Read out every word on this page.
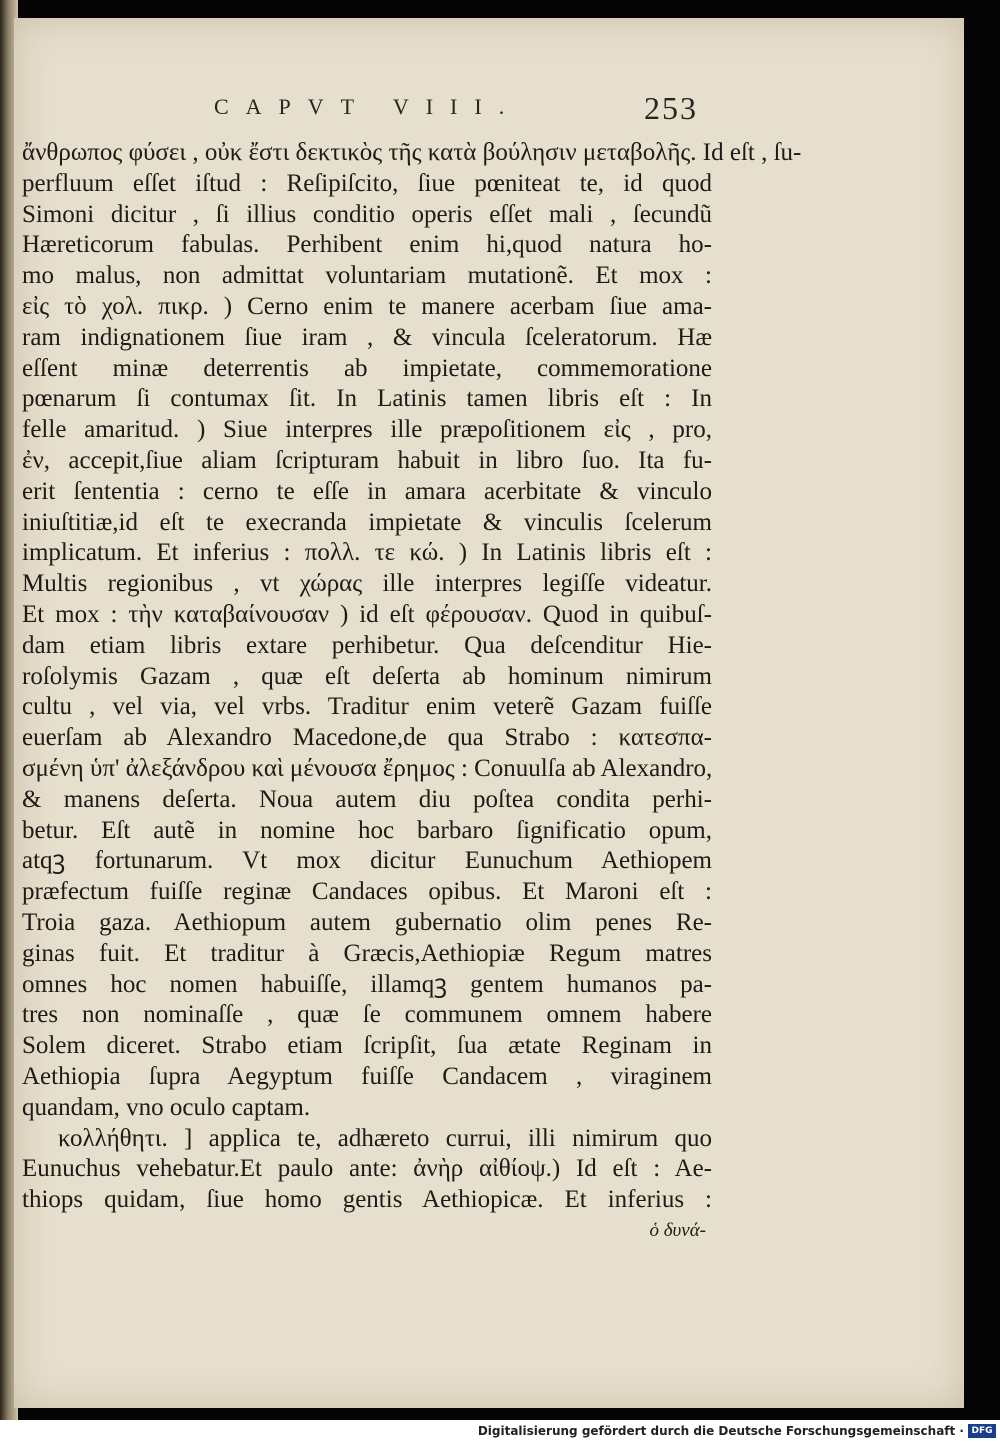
CAPVT VIII.	253
ἄνθρωπος φύσει , οὐκ ἔστι δεκτικὸς τῆς κατὰ βούλησιν μεταβολῆς. Id eſt , ſu-
perfluum eſſet iſtud : Reſipiſcito, ſiue pœniteat te, id quod
Simoni dicitur , ſi illius conditio operis eſſet mali , ſecundũ
Hæreticorum fabulas. Perhibent enim hi,quod natura ho-
mo malus, non admittat voluntariam mutationẽ. Et mox :
εἰς τὸ χολ. πικρ. ) Cerno enim te manere acerbam ſiue ama-
ram indignationem ſiue iram , & vincula ſceleratorum. Hæ
eſſent minæ deterrentis ab impietate, commemoratione
pœnarum ſi contumax ſit. In Latinis tamen libris eſt : In
felle amaritud. ) Siue interpres ille præpoſitionem εἰς , pro,
ἐν, accepit,ſiue aliam ſcripturam habuit in libro ſuo. Ita fu-
erit ſententia : cerno te eſſe in amara acerbitate & vinculo
iniuſtitiæ,id eſt te execranda impietate & vinculis ſcelerum
implicatum. Et inferius : πολλ. τε κώ. ) In Latinis libris eſt :
Multis regionibus , vt χώρας ille interpres legiſſe videatur.
Et mox : τὴν καταβαίνουσαν ) id eſt φέρουσαν. Quod in quibuſ-
dam etiam libris extare perhibetur. Qua deſcenditur Hie-
roſolymis Gazam , quæ eſt deſerta ab hominum nimirum
cultu , vel via, vel vrbs. Traditur enim veterẽ Gazam fuiſſe
euerſam ab Alexandro Macedone,de qua Strabo : κατεσπα-
σμένη ὑπ' ἀλεξάνδρου καὶ μένουσα ἔρημος : Conuulſa ab Alexandro,
& manens deſerta. Noua autem diu poſtea condita perhi-
betur. Eſt autẽ in nomine hoc barbaro ſignificatio opum,
atqꝫ fortunarum. Vt mox dicitur Eunuchum Aethiopem
præfectum fuiſſe reginæ Candaces opibus. Et Maroni eſt :
Troia gaza. Aethiopum autem gubernatio olim penes Re-
ginas fuit. Et traditur à Græcis,Aethiopiæ Regum matres
omnes hoc nomen habuiſſe, illamqꝫ gentem humanos pa-
tres non nominaſſe , quæ ſe communem omnem habere
Solem diceret. Strabo etiam ſcripſit, ſua ætate Reginam in
Aethiopia ſupra Aegyptum fuiſſe Candacem , viraginem
quandam, vno oculo captam.
κολλήθητι. ] applica te, adhæreto currui, illi nimirum quo
Eunuchus vehebatur.Et paulo ante: ἀνὴρ αἰθίοψ.) Id eſt : Ae-
thiops quidam, ſiue homo gentis Aethiopicæ. Et inferius :
ὁ δυνά-
Digitalisierung gefördert durch die Deutsche Forschungsgemeinschaft · DFG
